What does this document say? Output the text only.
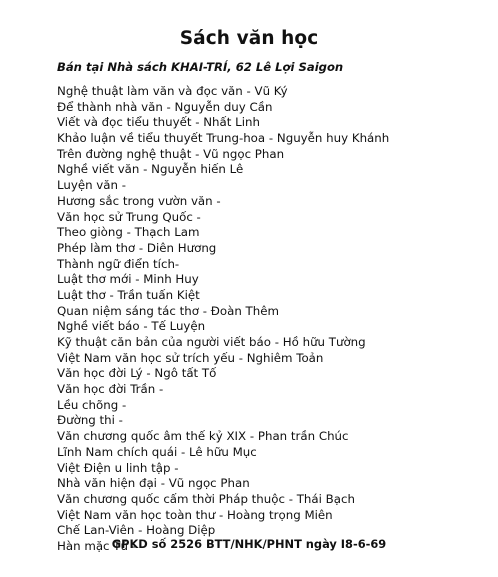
Sách văn học
Bán tại Nhà sách KHAI-TRÍ, 62 Lê Lợi Saigon
Nghệ thuật làm văn và đọc văn - Vũ Ký
Để thành nhà văn - Nguyễn duy Cần
Viết và đọc tiểu thuyết - Nhất Linh
Khảo luận về tiểu thuyết Trung-hoa - Nguyễn huy Khánh
Trên đường nghệ thuật - Vũ ngọc Phan
Nghề viết văn - Nguyễn hiến Lê
Luyện văn -
Hương sắc trong vườn văn -
Văn học sử Trung Quốc -
Theo giòng - Thạch Lam
Phép làm thơ - Diên Hương
Thành ngữ điển tích-
Luật thơ mới - Minh Huy
Luật thơ - Trần tuấn Kiệt
Quan niệm sáng tác thơ - Đoàn Thêm
Nghề viết báo - Tế Luyện
Kỹ thuật căn bản của người viết báo - Hồ hữu Tường
Việt Nam văn học sử trích yếu - Nghiêm Toản
Văn học đời Lý - Ngô tất Tố
Văn học đời Trần -
Lều chõng -
Đường thi -
Văn chương quốc âm thế kỷ XIX - Phan trần Chúc
Lĩnh Nam chích quái - Lê hữu Mục
Việt Điện u linh tập -
Nhà văn hiện đại - Vũ ngọc Phan
Văn chương quốc cấm thời Pháp thuộc - Thái Bạch
Việt Nam văn học toàn thư - Hoàng trọng Miên
Chế Lan-Viên - Hoàng Diệp
Hàn mặc Tử -
GPKD số 2526 BTT/NHK/PHNT ngày I8-6-69
